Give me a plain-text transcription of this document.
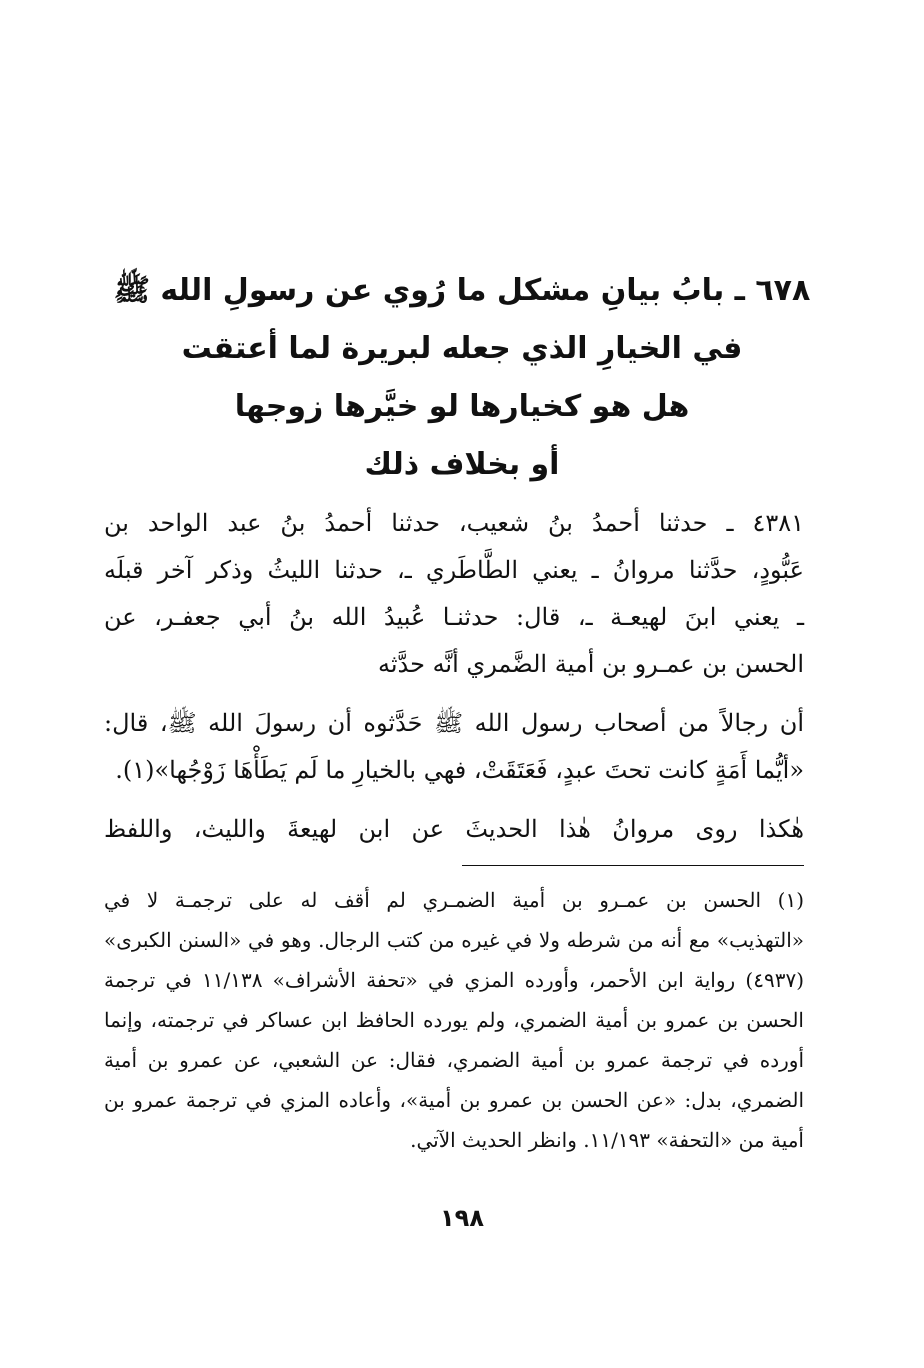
٦٧٨ ـ بابُ بيانِ مشكل ما رُوي عن رسولِ الله ﷺ
في الخيارِ الذي جعله لبريرة لما أعتقت
هل هو كخيارها لو خيَّرها زوجها
أو بخلاف ذلك
٤٣٨١ ـ حدثنا أحمدُ بنُ شعيب، حدثنا أحمدُ بنُ عبد الواحد بن
عَبُّودٍ، حدَّثنا مروانُ ـ يعني الطَّاطَري ـ، حدثنا الليثُ وذكر آخر قبلَه
ـ يعني ابنَ لهيعـة ـ، قال: حدثنـا عُبيدُ الله بنُ أبي جعفـر، عن
الحسن بن عمـرو بن أمية الضَّمري أنَّه حدَّثه
أن رجالاً من أصحاب رسول الله ﷺ حَدَّثوه أن رسولَ الله ﷺ، قال:
«أيُّما أَمَةٍ كانت تحتَ عبدٍ، فَعَتَقَتْ، فهي بالخيارِ ما لَم يَطَأْهَا زَوْجُها»(١).
هٰكذا روى مروانُ هٰذا الحديثَ عن ابن لهيعةَ والليث، واللفظ
(١) الحسن بن عمـرو بن أمية الضمـري لم أقف له على ترجمـة لا في
«التهذيب» مع أنه من شرطه ولا في غيره من كتب الرجال. وهو في «السنن الكبرى»
(٤٩٣٧) رواية ابن الأحمر، وأورده المزي في «تحفة الأشراف» ١١/١٣٨ في ترجمة
الحسن بن عمرو بن أمية الضمري، ولم يورده الحافظ ابن عساكر في ترجمته، وإنما
أورده في ترجمة عمرو بن أمية الضمري، فقال: عن الشعبي، عن عمرو بن أمية
الضمري، بدل: «عن الحسن بن عمرو بن أمية»، وأعاده المزي في ترجمة عمرو بن
أمية من «التحفة» ١١/١٩٣. وانظر الحديث الآتي.
١٩٨
